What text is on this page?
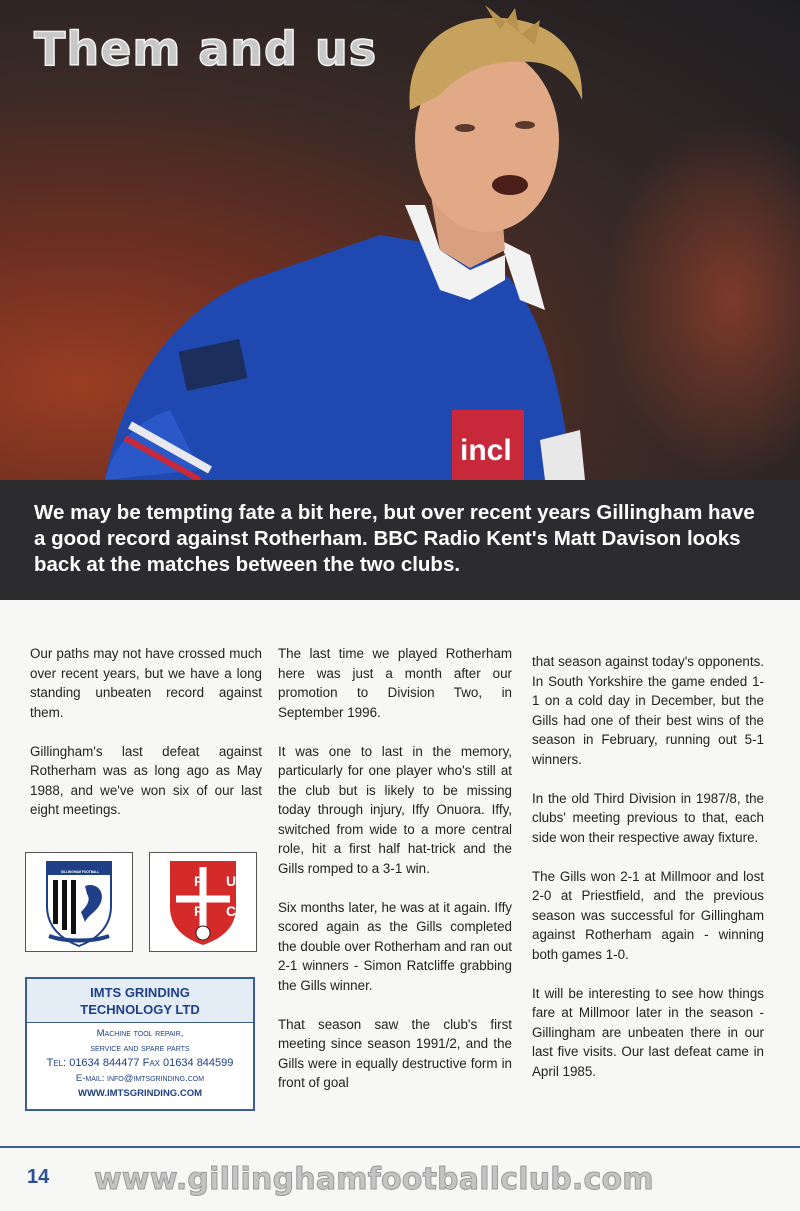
incl
Them and us

We may be tempting fate a bit here, but over recent years Gillingham have a good record against Rotherham. BBC Radio Kent's Matt Davison looks back at the matches between the two clubs.

Our paths may not have crossed much over recent years, but we have a long standing unbeaten record against them.

Gillingham's last defeat against Rotherham was as long ago as May 1988, and we've won six of our last eight meetings.

The last time we played Rotherham here was just a month after our promotion to Division Two, in September 1996.

It was one to last in the memory, particularly for one player who's still at the club but is likely to be missing today through injury, Iffy Onuora. Iffy, switched from wide to a more central role, hit a first half hat-trick and the Gills romped to a 3-1 win.

Six months later, he was at it again. Iffy scored again as the Gills completed the double over Rotherham and ran out 2-1 winners - Simon Ratcliffe grabbing the Gills winner.

That season saw the club's first meeting since season 1991/2, and the Gills were in equally destructive form in front of goal

that season against today's opponents. In South Yorkshire the game ended 1-1 on a cold day in December, but the Gills had one of their best wins of the season in February, running out 5-1 winners.

In the old Third Division in 1987/8, the clubs' meeting previous to that, each side won their respective away fixture.

The Gills won 2-1 at Millmoor and lost 2-0 at Priestfield, and the previous season was successful for Gillingham against Rotherham again - winning both games 1-0.

It will be interesting to see how things fare at Millmoor later in the season - Gillingham are unbeaten there in our last five visits. Our last defeat came in April 1985.

GILLINGHAM FOOTBALL CLUB	R U
F C
IMTS GRINDING
TECHNOLOGY LTD
Machine tool repair,
service and spare parts
Tel: 01634 844477 Fax 01634 844599
E-mail: info@imtsgrinding.com
WWW.IMTSGRINDING.COM
14 www.gillinghamfootballclub.com
